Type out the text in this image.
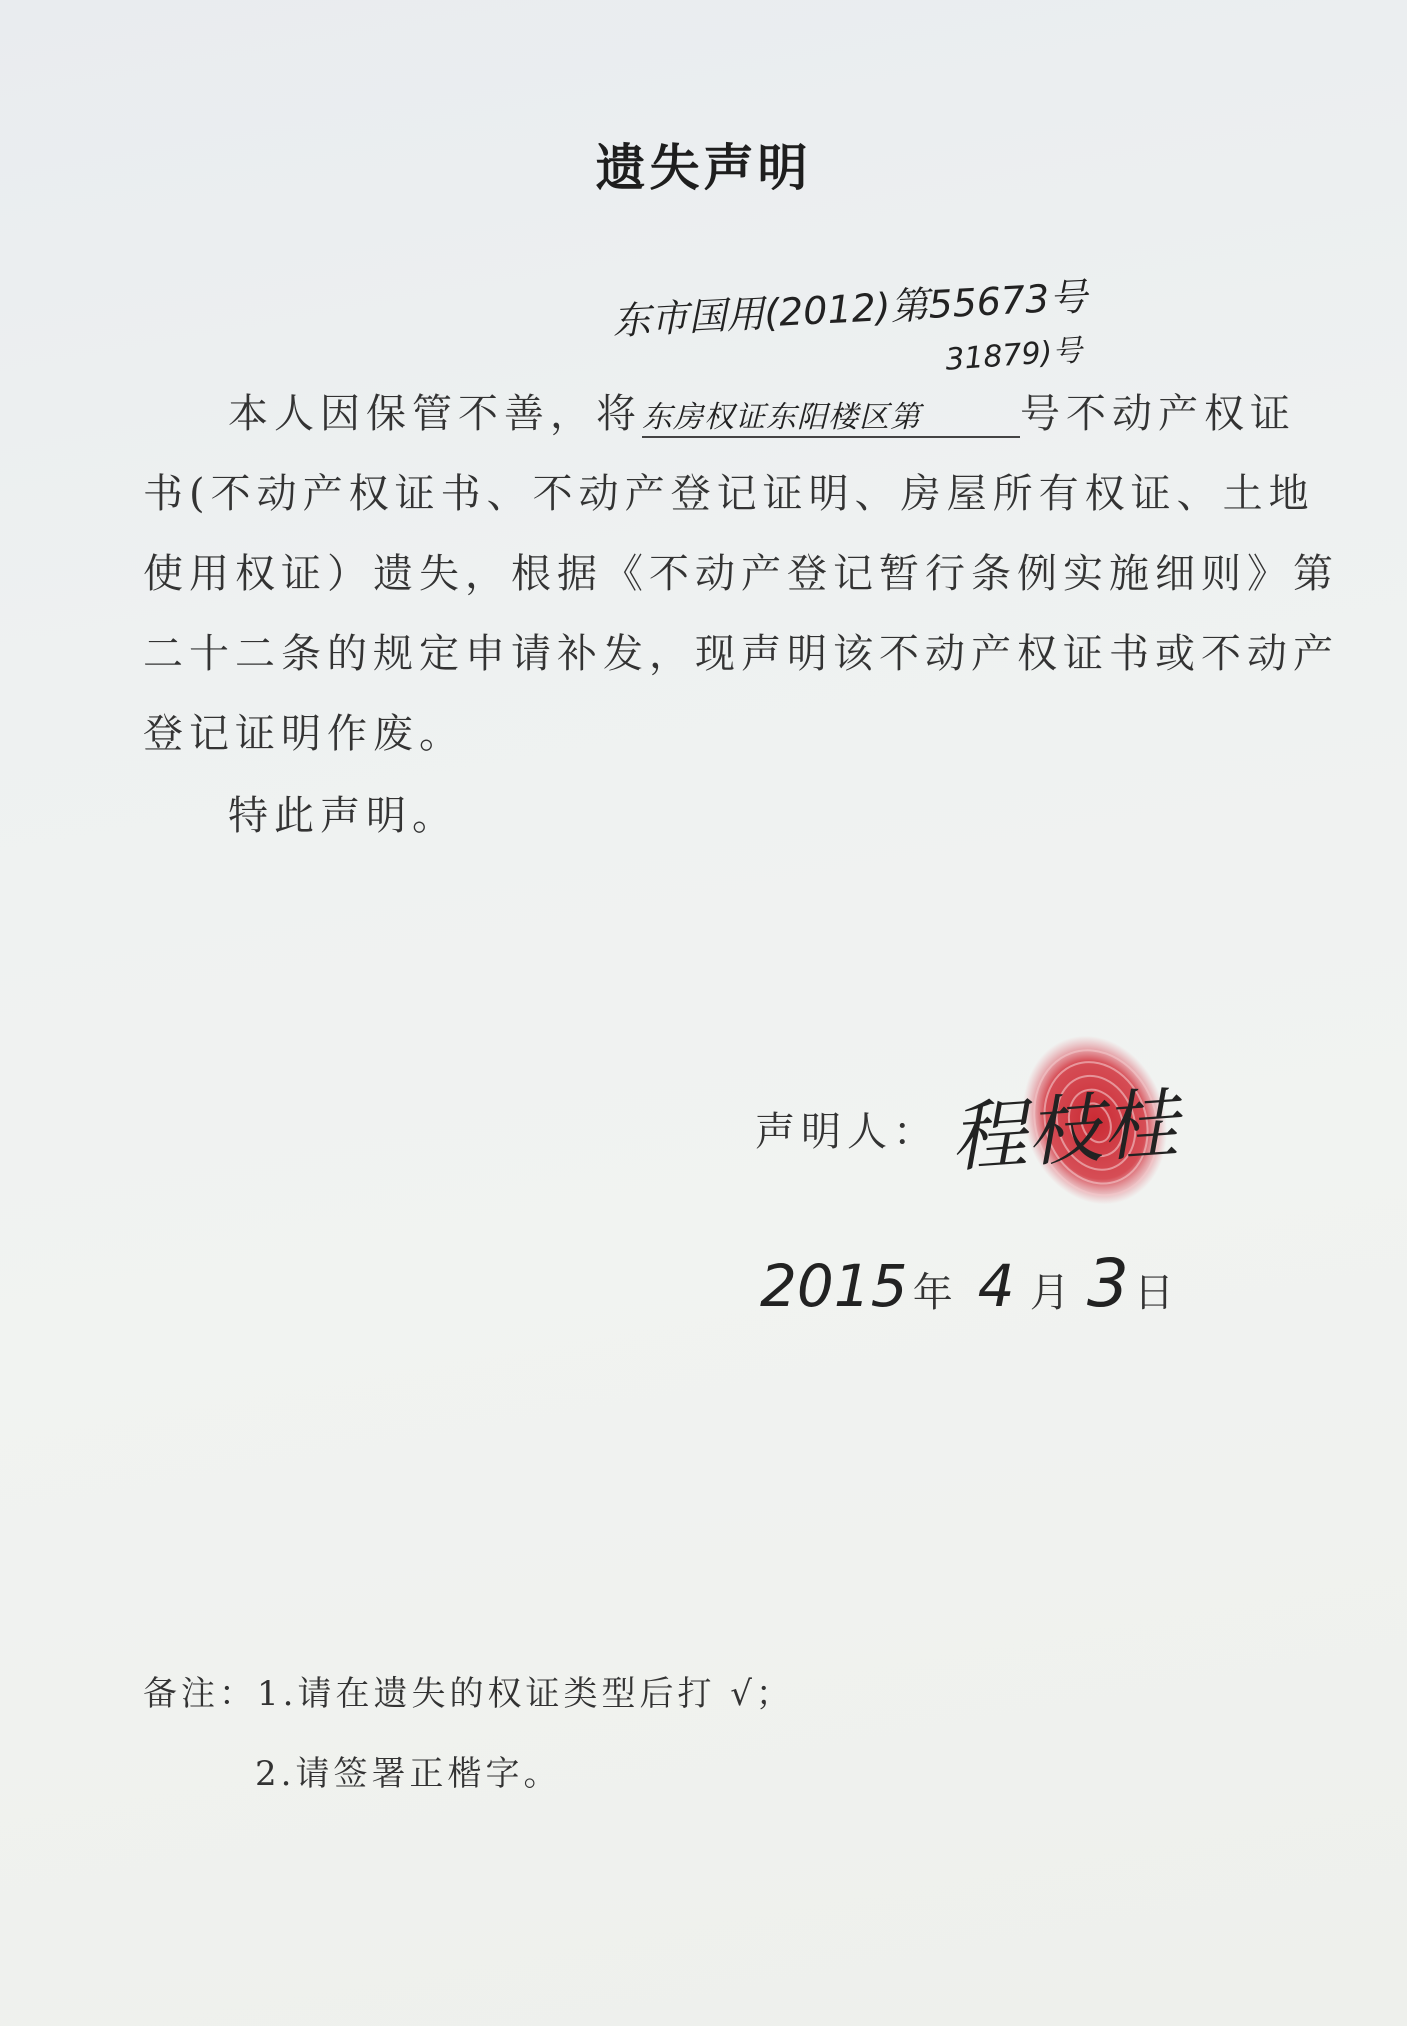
遗失声明
东市国用(2012)第55673号
31879)号
本人因保管不善，将东房权证东阳楼区第 号不动产权证
书(不动产权证书、不动产登记证明、房屋所有权证、土地
使用权证）遗失，根据《不动产登记暂行条例实施细则》第
二十二条的规定申请补发，现声明该不动产权证书或不动产
登记证明作废。
特此声明。
声明人： 程枝桂
2015 年 4 月 3 日
备注：1.请在遗失的权证类型后打 √；
2.请签署正楷字。
